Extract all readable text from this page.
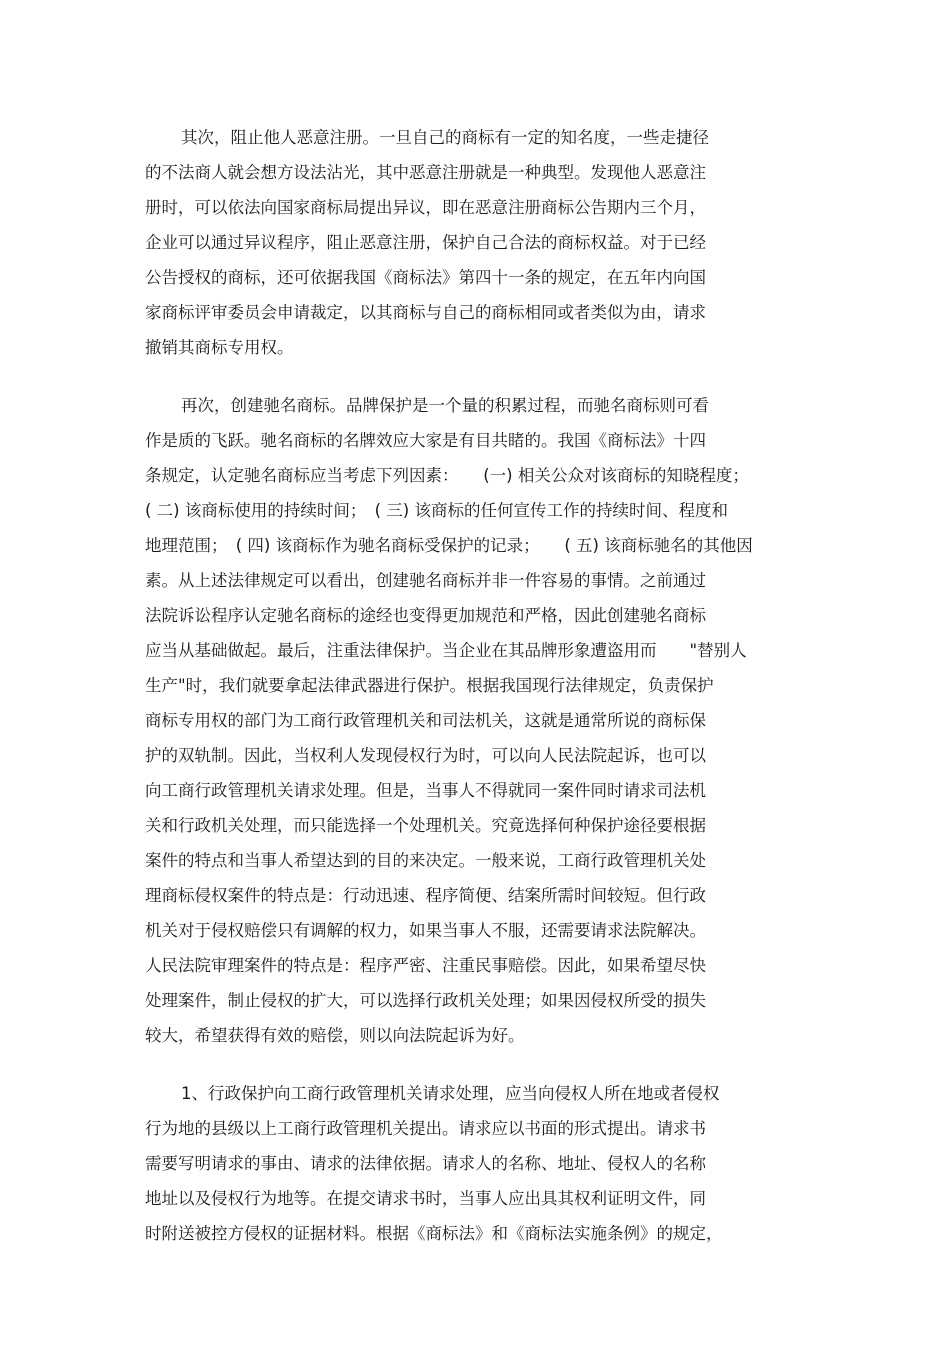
其次，阻止他人恶意注册。一旦自己的商标有一定的知名度，一些走捷径
的不法商人就会想方设法沾光，其中恶意注册就是一种典型。发现他人恶意注
册时，可以依法向国家商标局提出异议，即在恶意注册商标公告期内三个月，
企业可以通过异议程序，阻止恶意注册，保护自己合法的商标权益。对于已经
公告授权的商标，还可依据我国《商标法》第四十一条的规定，在五年内向国
家商标评审委员会申请裁定，以其商标与自己的商标相同或者类似为由，请求
撤销其商标专用权。
再次，创建驰名商标。品牌保护是一个量的积累过程，而驰名商标则可看
作是质的飞跃。驰名商标的名牌效应大家是有目共睹的。我国《商标法》十四
条规定，认定驰名商标应当考虑下列因素：　　(一) 相关公众对该商标的知晓程度；
( 二) 该商标使用的持续时间；　( 三) 该商标的任何宣传工作的持续时间、程度和
地理范围；　( 四) 该商标作为驰名商标受保护的记录；　　( 五) 该商标驰名的其他因
素。从上述法律规定可以看出，创建驰名商标并非一件容易的事情。之前通过
法院诉讼程序认定驰名商标的途经也变得更加规范和严格，因此创建驰名商标
应当从基础做起。最后，注重法律保护。当企业在其品牌形象遭盗用而　　"替别人
生产"时，我们就要拿起法律武器进行保护。根据我国现行法律规定，负责保护
商标专用权的部门为工商行政管理机关和司法机关，这就是通常所说的商标保
护的双轨制。因此，当权利人发现侵权行为时，可以向人民法院起诉，也可以
向工商行政管理机关请求处理。但是，当事人不得就同一案件同时请求司法机
关和行政机关处理，而只能选择一个处理机关。究竟选择何种保护途径要根据
案件的特点和当事人希望达到的目的来决定。一般来说，工商行政管理机关处
理商标侵权案件的特点是：行动迅速、程序简便、结案所需时间较短。但行政
机关对于侵权赔偿只有调解的权力，如果当事人不服，还需要请求法院解决。
人民法院审理案件的特点是：程序严密、注重民事赔偿。因此，如果希望尽快
处理案件，制止侵权的扩大，可以选择行政机关处理；如果因侵权所受的损失
较大，希望获得有效的赔偿，则以向法院起诉为好。
1、行政保护向工商行政管理机关请求处理，应当向侵权人所在地或者侵权
行为地的县级以上工商行政管理机关提出。请求应以书面的形式提出。请求书
需要写明请求的事由、请求的法律依据。请求人的名称、地址、侵权人的名称
地址以及侵权行为地等。在提交请求书时，当事人应出具其权利证明文件，同
时附送被控方侵权的证据材料。根据《商标法》和《商标法实施条例》的规定，
